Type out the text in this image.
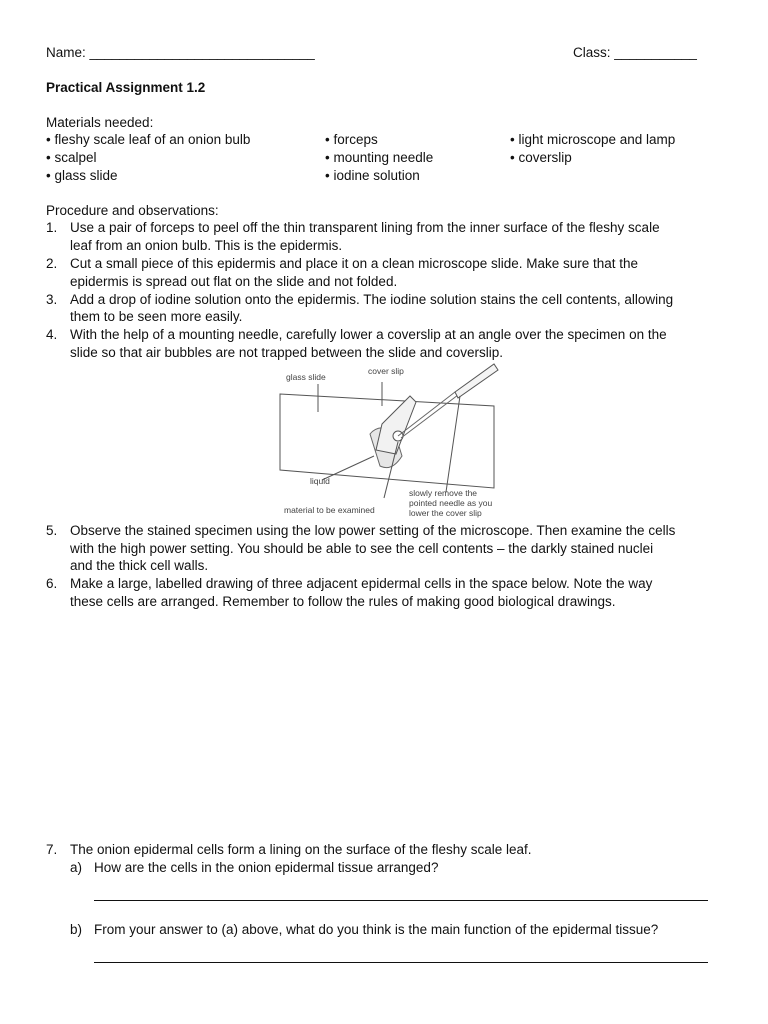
Name: ______________________________	Class: ___________
Practical Assignment 1.2
Materials needed:
• fleshy scale leaf of an onion bulb
• scalpel
• glass slide
• forceps
• mounting needle
• iodine solution
• light microscope and lamp
• coverslip
Procedure and observations:
1. Use a pair of forceps to peel off the thin transparent lining from the inner surface of the fleshy scale
leaf from an onion bulb. This is the epidermis.
2. Cut a small piece of this epidermis and place it on a clean microscope slide. Make sure that the
epidermis is spread out flat on the slide and not folded.
3. Add a drop of iodine solution onto the epidermis. The iodine solution stains the cell contents, allowing
them to be seen more easily.
4. With the help of a mounting needle, carefully lower a coverslip at an angle over the specimen on the
slide so that air bubbles are not trapped between the slide and coverslip.
glass slide
cover slip
liquid
material to be examined
slowly remove the
pointed needle as you
lower the cover slip
5. Observe the stained specimen using the low power setting of the microscope. Then examine the cells
with the high power setting. You should be able to see the cell contents – the darkly stained nuclei
and the thick cell walls.
6. Make a large, labelled drawing of three adjacent epidermal cells in the space below. Note the way
these cells are arranged. Remember to follow the rules of making good biological drawings.
7. The onion epidermal cells form a lining on the surface of the fleshy scale leaf.
a) How are the cells in the onion epidermal tissue arranged?
b) From your answer to (a) above, what do you think is the main function of the epidermal tissue?
